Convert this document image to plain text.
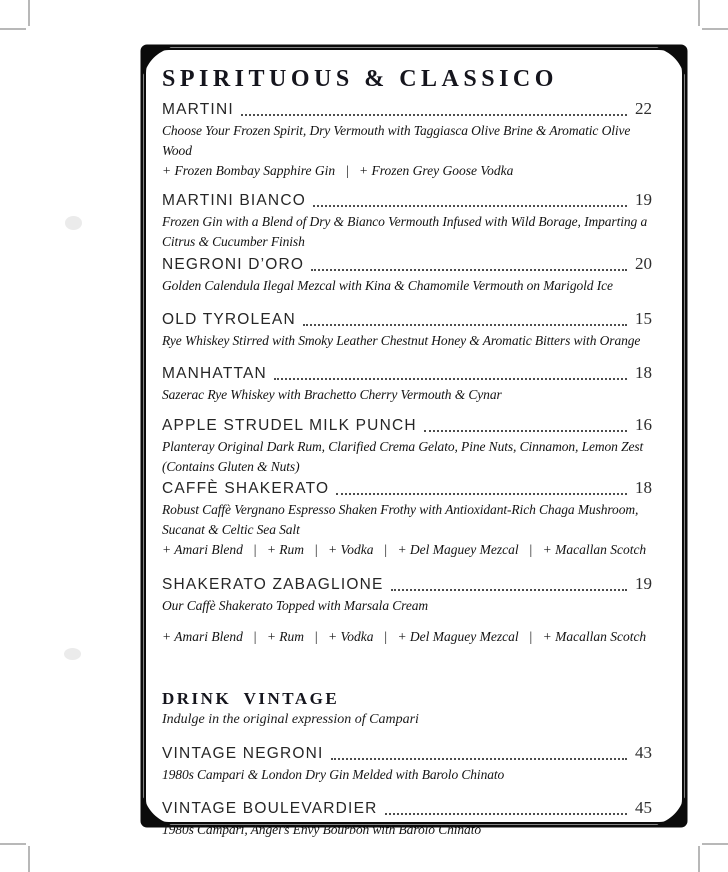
SPIRITUOUS & CLASSICO
MARTINI	22
Choose Your Frozen Spirit, Dry Vermouth with Taggiasca Olive Brine & Aromatic Olive Wood
+ Frozen Bombay Sapphire Gin   |   + Frozen Grey Goose Vodka
MARTINI BIANCO	19
Frozen Gin with a Blend of Dry & Bianco Vermouth Infused with Wild Borage, Imparting a Citrus & Cucumber Finish
NEGRONI D’ORO	20
Golden Calendula Ilegal Mezcal with Kina & Chamomile Vermouth on Marigold Ice
OLD TYROLEAN	15
Rye Whiskey Stirred with Smoky Leather Chestnut Honey & Aromatic Bitters with Orange
MANHATTAN	18
Sazerac Rye Whiskey with Brachetto Cherry Vermouth & Cynar
APPLE STRUDEL MILK PUNCH	16
Planteray Original Dark Rum, Clarified Crema Gelato, Pine Nuts, Cinnamon, Lemon Zest (Contains Gluten & Nuts)
CAFFÈ SHAKERATO	18
Robust Caffè Vergnano Espresso Shaken Frothy with Antioxidant-Rich Chaga Mushroom, Sucanat & Celtic Sea Salt
+ Amari Blend   |   + Rum   |   + Vodka   |   + Del Maguey Mezcal   |   + Macallan Scotch
SHAKERATO ZABAGLIONE	19
Our Caffè Shakerato Topped with Marsala Cream
+ Amari Blend   |   + Rum   |   + Vodka   |   + Del Maguey Mezcal   |   + Macallan Scotch
DRINK VINTAGE
Indulge in the original expression of Campari
VINTAGE NEGRONI	43
1980s Campari & London Dry Gin Melded with Barolo Chinato
VINTAGE BOULEVARDIER	45
1980s Campari, Angel’s Envy Bourbon with Barolo Chinato
